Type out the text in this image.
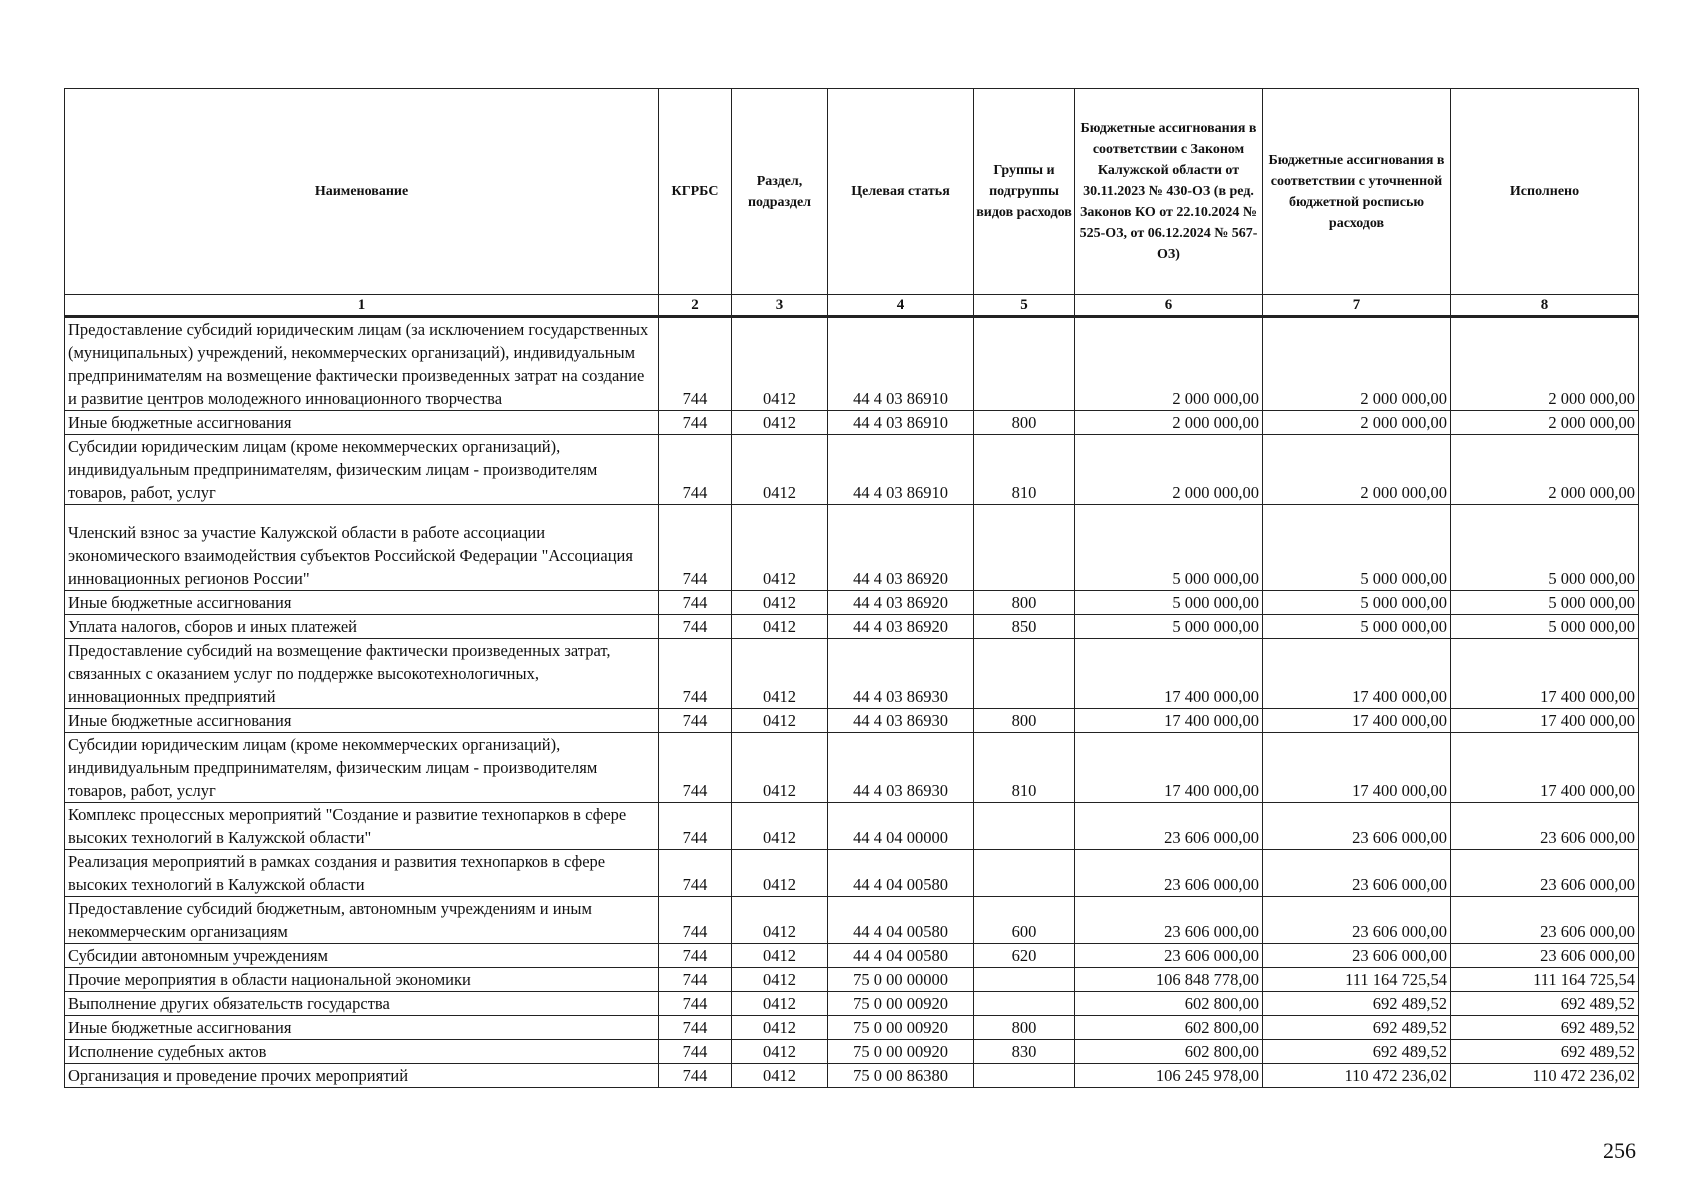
Наименование	КГРБС	Раздел, подраздел	Целевая статья	Группы и подгруппы видов расходов	Бюджетные ассигнования в соответствии с Законом Калужской области от 30.11.2023 № 430-ОЗ (в ред. Законов КО от 22.10.2024 № 525-ОЗ, от 06.12.2024 № 567-ОЗ)	Бюджетные ассигнования в соответствии с уточненной бюджетной росписью расходов	Исполнено
1	2	3	4	5	6	7	8
Предоставление субсидий юридическим лицам (за исключением государственных (муниципальных) учреждений, некоммерческих организаций), индивидуальным предпринимателям на возмещение фактически произведенных затрат на создание и развитие центров молодежного инновационного творчества	744	0412	44 4 03 86910		2 000 000,00	2 000 000,00	2 000 000,00
Иные бюджетные ассигнования	744	0412	44 4 03 86910	800	2 000 000,00	2 000 000,00	2 000 000,00
Субсидии юридическим лицам (кроме некоммерческих организаций), индивидуальным предпринимателям, физическим лицам - производителям товаров, работ, услуг	744	0412	44 4 03 86910	810	2 000 000,00	2 000 000,00	2 000 000,00
Членский взнос за участие Калужской области в работе ассоциации экономического взаимодействия субъектов Российской Федерации "Ассоциация инновационных регионов России"	744	0412	44 4 03 86920		5 000 000,00	5 000 000,00	5 000 000,00
Иные бюджетные ассигнования	744	0412	44 4 03 86920	800	5 000 000,00	5 000 000,00	5 000 000,00
Уплата налогов, сборов и иных платежей	744	0412	44 4 03 86920	850	5 000 000,00	5 000 000,00	5 000 000,00
Предоставление субсидий на возмещение фактически произведенных затрат, связанных с оказанием услуг по поддержке высокотехнологичных, инновационных предприятий	744	0412	44 4 03 86930		17 400 000,00	17 400 000,00	17 400 000,00
Иные бюджетные ассигнования	744	0412	44 4 03 86930	800	17 400 000,00	17 400 000,00	17 400 000,00
Субсидии юридическим лицам (кроме некоммерческих организаций), индивидуальным предпринимателям, физическим лицам - производителям товаров, работ, услуг	744	0412	44 4 03 86930	810	17 400 000,00	17 400 000,00	17 400 000,00
Комплекс процессных мероприятий "Создание и развитие технопарков в сфере высоких технологий в Калужской области"	744	0412	44 4 04 00000		23 606 000,00	23 606 000,00	23 606 000,00
Реализация мероприятий в рамках создания и развития технопарков в сфере высоких технологий в Калужской области	744	0412	44 4 04 00580		23 606 000,00	23 606 000,00	23 606 000,00
Предоставление субсидий бюджетным, автономным учреждениям и иным некоммерческим организациям	744	0412	44 4 04 00580	600	23 606 000,00	23 606 000,00	23 606 000,00
Субсидии автономным учреждениям	744	0412	44 4 04 00580	620	23 606 000,00	23 606 000,00	23 606 000,00
Прочие мероприятия в области национальной экономики	744	0412	75 0 00 00000		106 848 778,00	111 164 725,54	111 164 725,54
Выполнение других обязательств государства	744	0412	75 0 00 00920		602 800,00	692 489,52	692 489,52
Иные бюджетные ассигнования	744	0412	75 0 00 00920	800	602 800,00	692 489,52	692 489,52
Исполнение судебных актов	744	0412	75 0 00 00920	830	602 800,00	692 489,52	692 489,52
Организация и проведение прочих мероприятий	744	0412	75 0 00 86380		106 245 978,00	110 472 236,02	110 472 236,02
256
